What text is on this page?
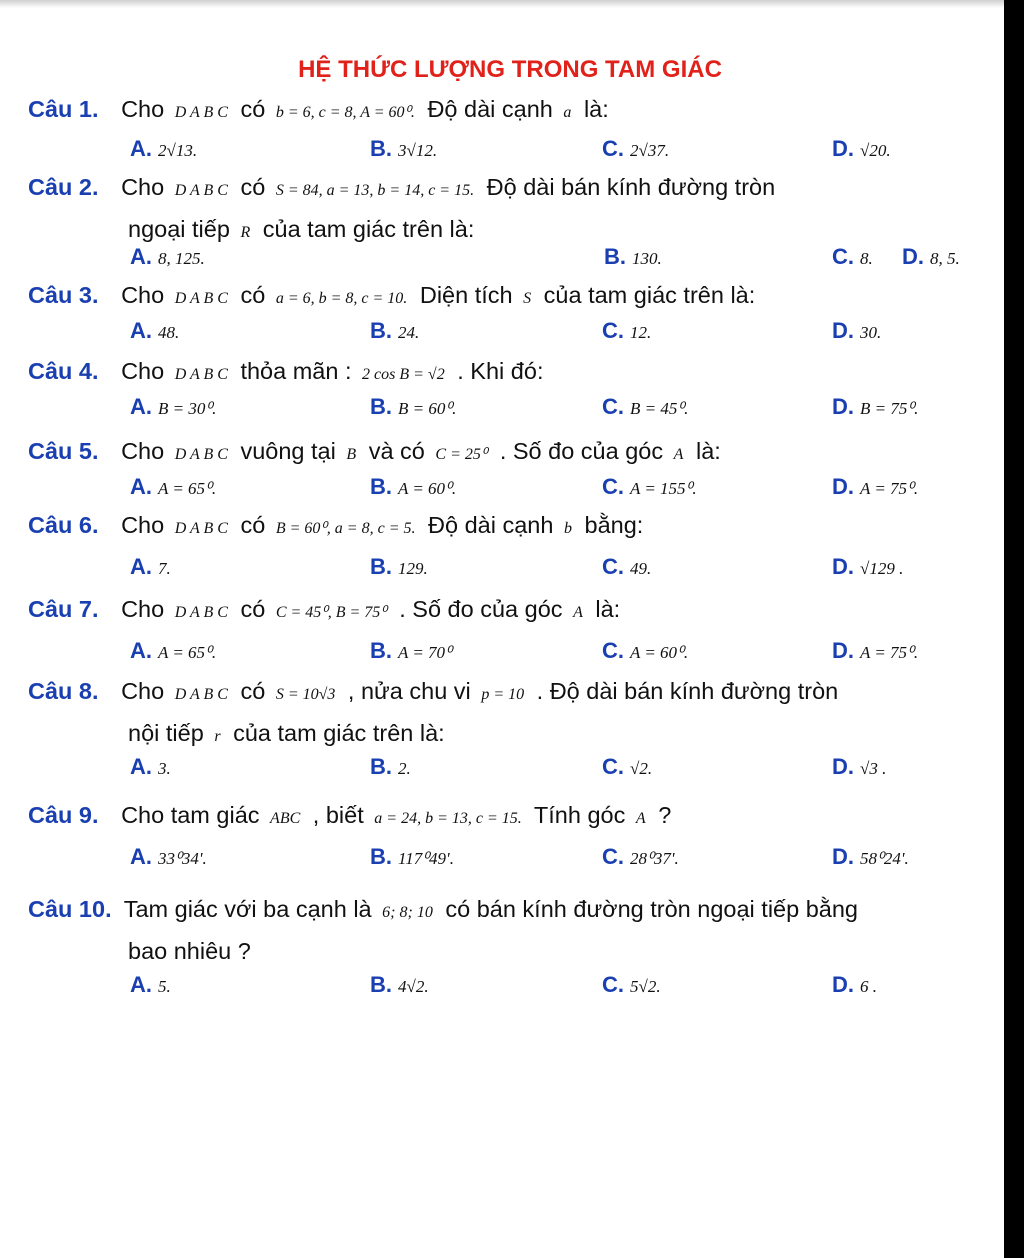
HỆ THỨC LƯỢNG TRONG TAM GIÁC
Câu 1. Cho D A B C có b = 6, c = 8, A = 60⁰. Độ dài cạnh a là:
A. 2√13.	B. 3√12.	C. 2√37.	D. √20.
Câu 2. Cho D A B C có S = 84, a = 13, b = 14, c = 15. Độ dài bán kính đường tròn
ngoại tiếp R của tam giác trên là:
A. 8, 125.	B. 130.	C. 8. D. 8, 5.
Câu 3. Cho D A B C có a = 6, b = 8, c = 10. Diện tích S của tam giác trên là:
A. 48.	B. 24.	C. 12.	D. 30.
Câu 4. Cho D A B C thỏa mãn : 2 cos B = √2 . Khi đó:
A. B = 30⁰.	B. B = 60⁰.	C. B = 45⁰.	D. B = 75⁰.
Câu 5. Cho D A B C vuông tại B và có C = 25⁰ . Số đo của góc A là:
A. A = 65⁰.	B. A = 60⁰.	C. A = 155⁰.	D. A = 75⁰.
Câu 6. Cho D A B C có B = 60⁰, a = 8, c = 5. Độ dài cạnh b bằng:
A. 7.	B. 129.	C. 49.	D. √129 .
Câu 7. Cho D A B C có C = 45⁰, B = 75⁰ . Số đo của góc A là:
A. A = 65⁰.	B. A = 70⁰	C. A = 60⁰.	D. A = 75⁰.
Câu 8. Cho D A B C có S = 10√3 , nửa chu vi p = 10 . Độ dài bán kính đường tròn
nội tiếp r của tam giác trên là:
A. 3.	B. 2.	C. √2.	D. √3 .
Câu 9. Cho tam giác ABC , biết a = 24, b = 13, c = 15. Tính góc A ?
A. 33⁰34'.	B. 117⁰49'.	C. 28⁰37'.	D. 58⁰24'.
Câu 10. Tam giác với ba cạnh là 6; 8; 10 có bán kính đường tròn ngoại tiếp bằng
bao nhiêu ?
A. 5.	B. 4√2.	C. 5√2.	D. 6 .
